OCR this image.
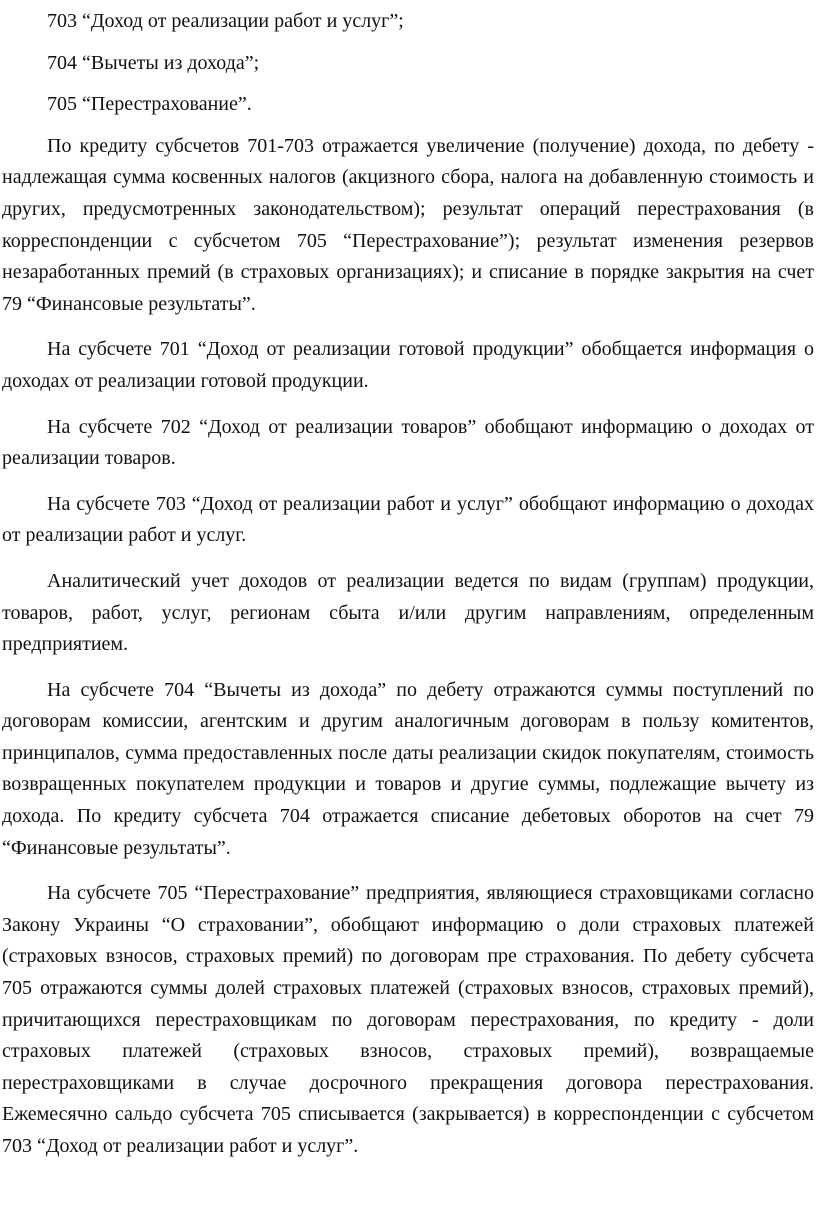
703 “Доход от реализации работ и услуг”;

704 “Вычеты из дохода”;

705 “Перестрахование”.

По кредиту субсчетов 701-703 отражается увеличение (получение) дохода, по дебету - надлежащая сумма косвенных налогов (акцизного сбора, налога на добавленную стоимость и других, предусмотренных законодательством); результат операций перестрахования (в корреспонденции с субсчетом 705 “Перестрахование”); результат изменения резервов незаработанных премий (в страховых организациях); и списание в порядке закрытия на счет 79 “Финансовые результаты”.

На субсчете 701 “Доход от реализации готовой продукции” обобщается информация о доходах от реализации готовой продукции.

На субсчете 702 “Доход от реализации товаров” обобщают информацию о доходах от реализации товаров.

На субсчете 703 “Доход от реализации работ и услуг” обобщают информацию о доходах от реализации работ и услуг.

Аналитический учет доходов от реализации ведется по видам (группам) продукции, товаров, работ, услуг, регионам сбыта и/или другим направлениям, определенным предприятием.

На субсчете 704 “Вычеты из дохода” по дебету отражаются суммы поступлений по договорам комиссии, агентским и другим аналогичным договорам в пользу комитентов, принципалов, сумма предоставленных после даты реализации скидок покупателям, стоимость возвращенных покупателем продукции и товаров и другие суммы, подлежащие вычету из дохода. По кредиту субсчета 704 отражается списание дебетовых оборотов на счет 79 “Финансовые результаты”.

На субсчете 705 “Перестрахование” предприятия, являющиеся страховщиками согласно Закону Украины “О страховании”, обобщают информацию о доли страховых платежей (страховых взносов, страховых премий) по договорам пре страхования. По дебету субсчета 705 отражаются суммы долей страховых платежей (страховых взносов, страховых премий), причитающихся перестраховщикам по договорам перестрахования, по кредиту - доли страховых платежей (страховых взносов, страховых премий), возвращаемые перестраховщиками в случае досрочного прекращения договора перестрахования. Ежемесячно сальдо субсчета 705 списывается (закрывается) в корреспонденции с субсчетом 703 “Доход от реализации работ и услуг”.
